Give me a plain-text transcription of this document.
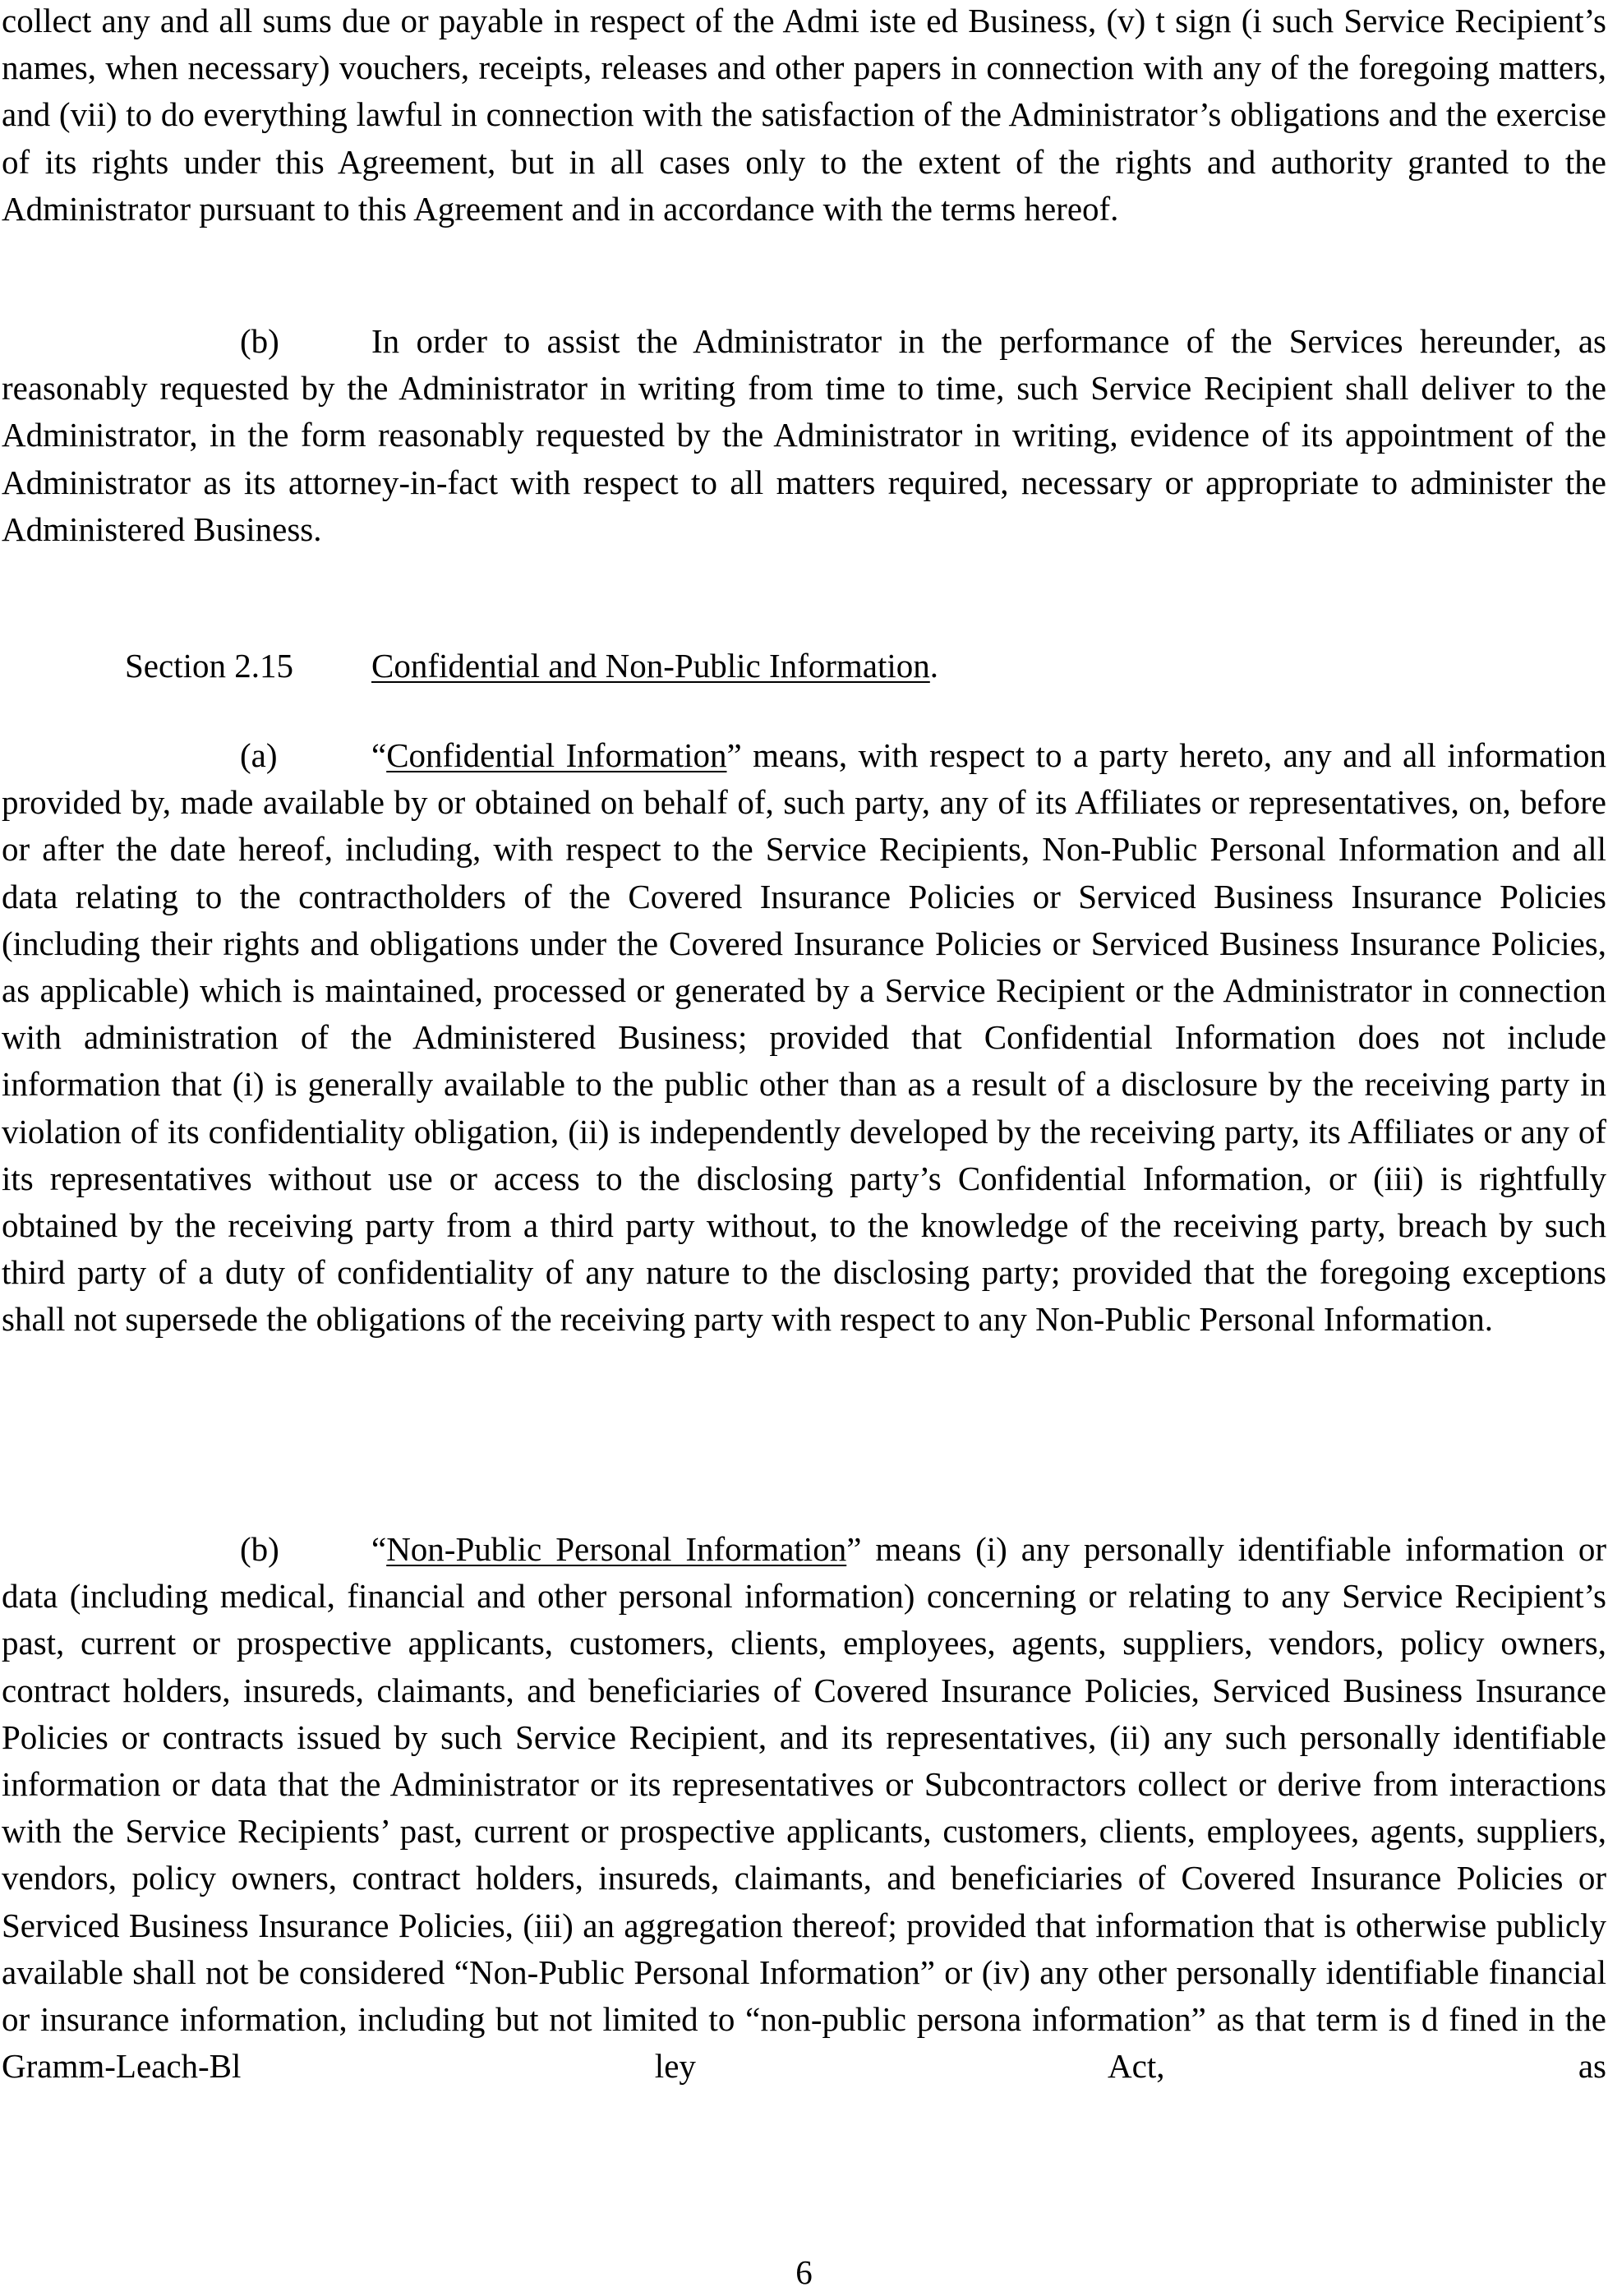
collect any and all sums due or payable in respect of the Admi iste ed Business, (v) t sign (i such Service Recipient’s names, when necessary) vouchers, receipts, releases and other papers in connection with any of the foregoing matters, and (vii) to do everything lawful in connection with the satisfaction of the Administrator’s obligations and the exercise of its rights under this Agreement, but in all cases only to the extent of the rights and authority granted to the Administrator pursuant to this Agreement and in accordance with the terms hereof.

(b)	In order to assist the Administrator in the performance of the Services hereunder, as reasonably requested by the Administrator in writing from time to time, such Service Recipient shall deliver to the Administrator, in the form reasonably requested by the Administrator in writing, evidence of its appointment of the Administrator as its attorney-in-fact with respect to all matters required, necessary or appropriate to administer the Administered Business.

Section 2.15 Confidential and Non-Public Information.

(a)	“Confidential Information” means, with respect to a party hereto, any and all information provided by, made available by or obtained on behalf of, such party, any of its Affiliates or representatives, on, before or after the date hereof, including, with respect to the Service Recipients, Non-Public Personal Information and all data relating to the contractholders of the Covered Insurance Policies or Serviced Business Insurance Policies (including their rights and obligations under the Covered Insurance Policies or Serviced Business Insurance Policies, as applicable) which is maintained, processed or generated by a Service Recipient or the Administrator in connection with administration of the Administered Business; provided that Confidential Information does not include information that (i) is generally available to the public other than as a result of a disclosure by the receiving party in violation of its confidentiality obligation, (ii) is independently developed by the receiving party, its Affiliates or any of its representatives without use or access to the disclosing party’s Confidential Information, or (iii) is rightfully obtained by the receiving party from a third party without, to the knowledge of the receiving party, breach by such third party of a duty of confidentiality of any nature to the disclosing party; provided that the foregoing exceptions shall not supersede the obligations of the receiving party with respect to any Non-Public Personal Information.

(b)	“Non-Public Personal Information” means (i) any personally identifiable information or data (including medical, financial and other personal information) concerning or relating to any Service Recipient’s past, current or prospective applicants, customers, clients, employees, agents, suppliers, vendors, policy owners, contract holders, insureds, claimants, and beneficiaries of Covered Insurance Policies, Serviced Business Insurance Policies or contracts issued by such Service Recipient, and its representatives, (ii) any such personally identifiable information or data that the Administrator or its representatives or Subcontractors collect or derive from interactions with the Service Recipients’ past, current or prospective applicants, customers, clients, employees, agents, suppliers, vendors, policy owners, contract holders, insureds, claimants, and beneficiaries of Covered Insurance Policies or Serviced Business Insurance Policies, (iii) an aggregation thereof; provided that information that is otherwise publicly available shall not be considered “Non-Public Personal Information” or (iv) any other personally identifiable financial or insurance information, including but not limited to “non-public persona information” as that term is d fined in the Gramm-Leach-Bl ley Act, as

6
